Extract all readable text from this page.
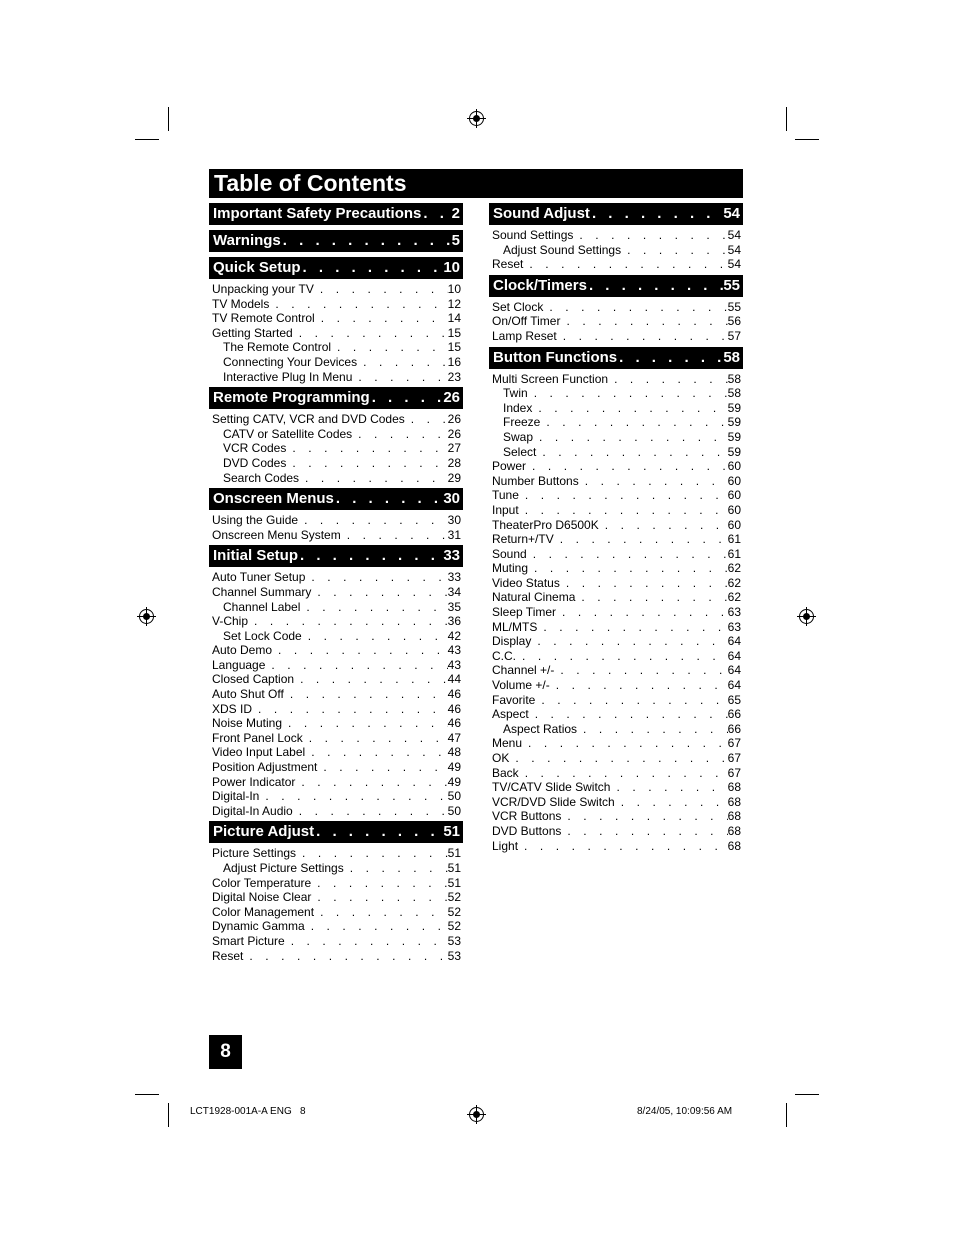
Table of Contents
Important Safety Precautions . . . 2
Warnings . . .	5
Quick Setup . . .	10
Unpacking your TV . . .	10
TV Models . . .	12
TV Remote Control . . .	14
Getting Started . . .	15
The Remote Control . . .	15
Connecting Your Devices . . .	16
Interactive Plug In Menu . . .	23
Remote Programming . . .	26
Setting CATV, VCR and DVD Codes . . .	26
CATV or Satellite Codes . . .	26
VCR Codes . . .	27
DVD Codes . . .	28
Search Codes . . .	29
Onscreen Menus . . .	30
Using the Guide . . .	30
Onscreen Menu System . . .	31
Initial Setup . . .	33
Auto Tuner Setup . . .	33
Channel Summary . . .	34
Channel Label . . .	35
V-Chip . . .	36
Set Lock Code . . .	42
Auto Demo . . .	43
Language . . .	43
Closed Caption . . .	44
Auto Shut Off . . .	46
XDS ID . . .	46
Noise Muting . . .	46
Front Panel Lock . . .	47
Video Input Label . . .	48
Position Adjustment . . .	49
Power Indicator . . .	49
Digital-In . . .	50
Digital-In Audio . . .	50
Picture Adjust . . .	51
Picture Settings . . .	51
Adjust Picture Settings . . .	51
Color Temperature . . .	51
Digital Noise Clear . . .	52
Color Management . . .	52
Dynamic Gamma . . .	52
Smart Picture . . .	53
Reset . . .	53
Sound Adjust . . .	54
Sound Settings . . .	54
Adjust Sound Settings . . .	54
Reset . . .	54
Clock/Timers . . .	55
Set Clock . . .	55
On/Off Timer . . .	56
Lamp Reset . . .	57
Button Functions . . .	58
Multi Screen Function . . .	58
Twin . . .	58
Index . . .	59
Freeze . . .	59
Swap . . .	59
Select . . .	59
Power . . .	60
Number Buttons . . .	60
Tune . . .	60
Input . . .	60
TheaterPro D6500K . . .	60
Return+/TV . . .	61
Sound . . .	61
Muting . . .	62
Video Status . . .	62
Natural Cinema . . .	62
Sleep Timer . . .	63
ML/MTS . . .	63
Display . . .	64
C.C. . . .	64
Channel +/- . . .	64
Volume +/- . . .	64
Favorite . . .	65
Aspect . . .	66
Aspect Ratios . . .	66
Menu . . .	67
OK . . .	67
Back . . .	67
TV/CATV Slide Switch . . .	68
VCR/DVD Slide Switch . . .	68
VCR Buttons . . .	68
DVD Buttons . . .	68
Light . . .	68
8
LCT1928-001A-A ENG   8	8/24/05, 10:09:56 AM
